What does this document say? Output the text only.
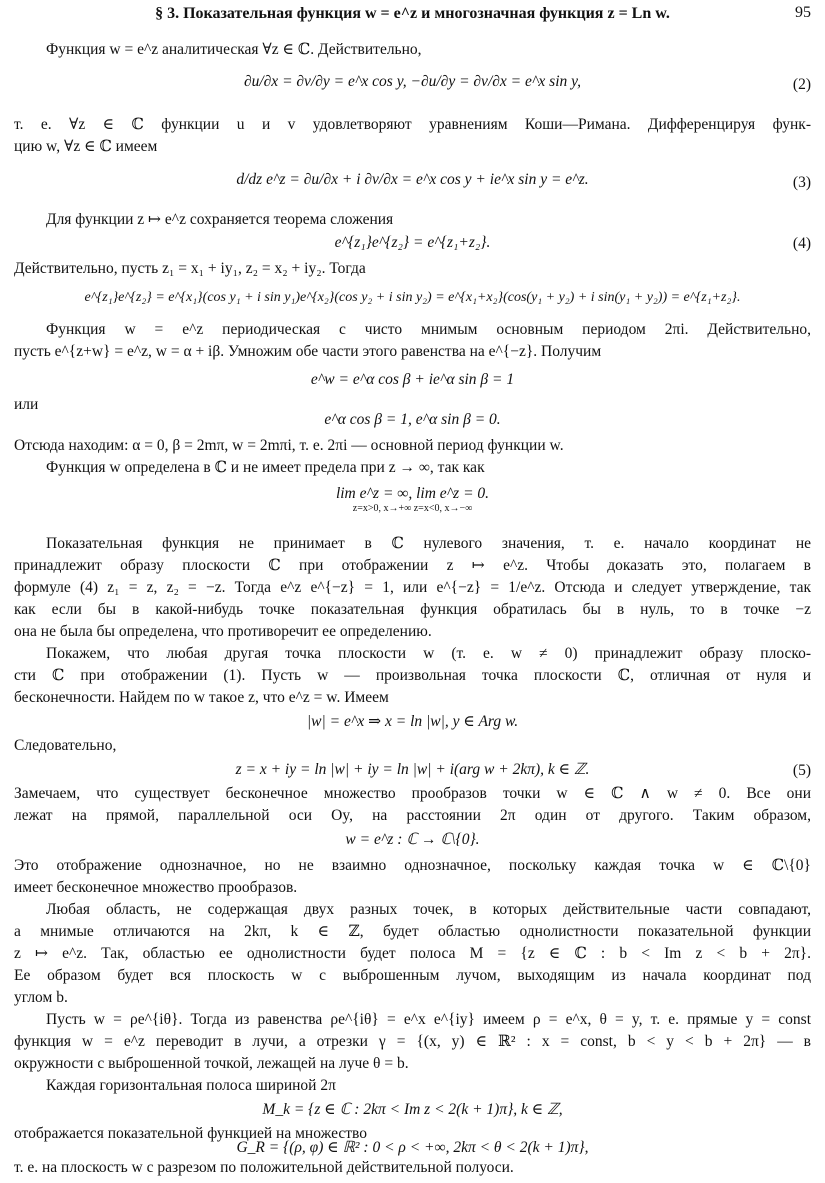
§ 3. Показательная функция w = e^z и многозначная функция z = Ln w.	95
Функция w = e^z аналитическая ∀z ∈ ℂ. Действительно,
∂u/∂x = ∂v/∂y = e^x cos y, −∂u/∂y = ∂v/∂x = e^x sin y,	(2)
т. е. ∀z ∈ ℂ функции u и v удовлетворяют уравнениям Коши—Римана. Дифференцируя функ-
цию w, ∀z ∈ ℂ имеем
d/dz e^z = ∂u/∂x + i ∂v/∂x = e^x cos y + ie^x sin y = e^z.	(3)
Для функции z ↦ e^z сохраняется теорема сложения
e^{z₁}e^{z₂} = e^{z₁+z₂}.	(4)
Действительно, пусть z₁ = x₁ + iy₁, z₂ = x₂ + iy₂. Тогда
e^{z₁}e^{z₂} = e^{x₁}(cos y₁ + i sin y₁)e^{x₂}(cos y₂ + i sin y₂) = e^{x₁+x₂}(cos(y₁ + y₂) + i sin(y₁ + y₂)) = e^{z₁+z₂}.
Функция w = e^z периодическая с чисто мнимым основным периодом 2πi. Действительно,
пусть e^{z+w} = e^z, w = α + iβ. Умножим обе части этого равенства на e^{−z}. Получим
e^w = e^α cos β + ie^α sin β = 1
или
e^α cos β = 1, e^α sin β = 0.
Отсюда находим: α = 0, β = 2mπ, w = 2mπi, т. е. 2πi — основной период функции w.
Функция w определена в ℂ и не имеет предела при z → ∞, так как
lim e^z = ∞, lim e^z = 0.
z=x>0, x→+∞ z=x<0, x→−∞
Показательная функция не принимает в ℂ нулевого значения, т. е. начало координат не
принадлежит образу плоскости ℂ при отображении z ↦ e^z. Чтобы доказать это, полагаем в
формуле (4) z₁ = z, z₂ = −z. Тогда e^z e^{−z} = 1, или e^{−z} = 1/e^z. Отсюда и следует утверждение, так
как если бы в какой-нибудь точке показательная функция обратилась бы в нуль, то в точке −z
она не была бы определена, что противоречит ее определению.
Покажем, что любая другая точка плоскости w (т. е. w ≠ 0) принадлежит образу плоско-
сти ℂ при отображении (1). Пусть w — произвольная точка плоскости ℂ, отличная от нуля и
бесконечности. Найдем по w такое z, что e^z = w. Имеем
|w| = e^x ⇒ x = ln |w|, y ∈ Arg w.
Следовательно,
z = x + iy = ln |w| + iy = ln |w| + i(arg w + 2kπ), k ∈ ℤ.	(5)
Замечаем, что существует бесконечное множество прообразов точки w ∈ ℂ ∧ w ≠ 0. Все они
лежат на прямой, параллельной оси Oy, на расстоянии 2π один от другого. Таким образом,
w = e^z : ℂ → ℂ\{0}.
Это отображение однозначное, но не взаимно однозначное, поскольку каждая точка w ∈ ℂ\{0}
имеет бесконечное множество прообразов.
Любая область, не содержащая двух разных точек, в которых действительные части совпадают,
а мнимые отличаются на 2kπ, k ∈ ℤ, будет областью однолистности показательной функции
z ↦ e^z. Так, областью ее однолистности будет полоса M = {z ∈ ℂ : b < Im z < b + 2π}.
Ее образом будет вся плоскость w с выброшенным лучом, выходящим из начала координат под
углом b.
Пусть w = ρe^{iθ}. Тогда из равенства ρe^{iθ} = e^x e^{iy} имеем ρ = e^x, θ = y, т. е. прямые y = const
функция w = e^z переводит в лучи, а отрезки γ = {(x, y) ∈ ℝ² : x = const, b < y < b + 2π} — в
окружности с выброшенной точкой, лежащей на луче θ = b.
Каждая горизонтальная полоса шириной 2π
M_k = {z ∈ ℂ : 2kπ < Im z < 2(k + 1)π}, k ∈ ℤ,
отображается показательной функцией на множество
G_R = {(ρ, φ) ∈ ℝ² : 0 < ρ < +∞, 2kπ < θ < 2(k + 1)π},
т. е. на плоскость w с разрезом по положительной действительной полуоси.
